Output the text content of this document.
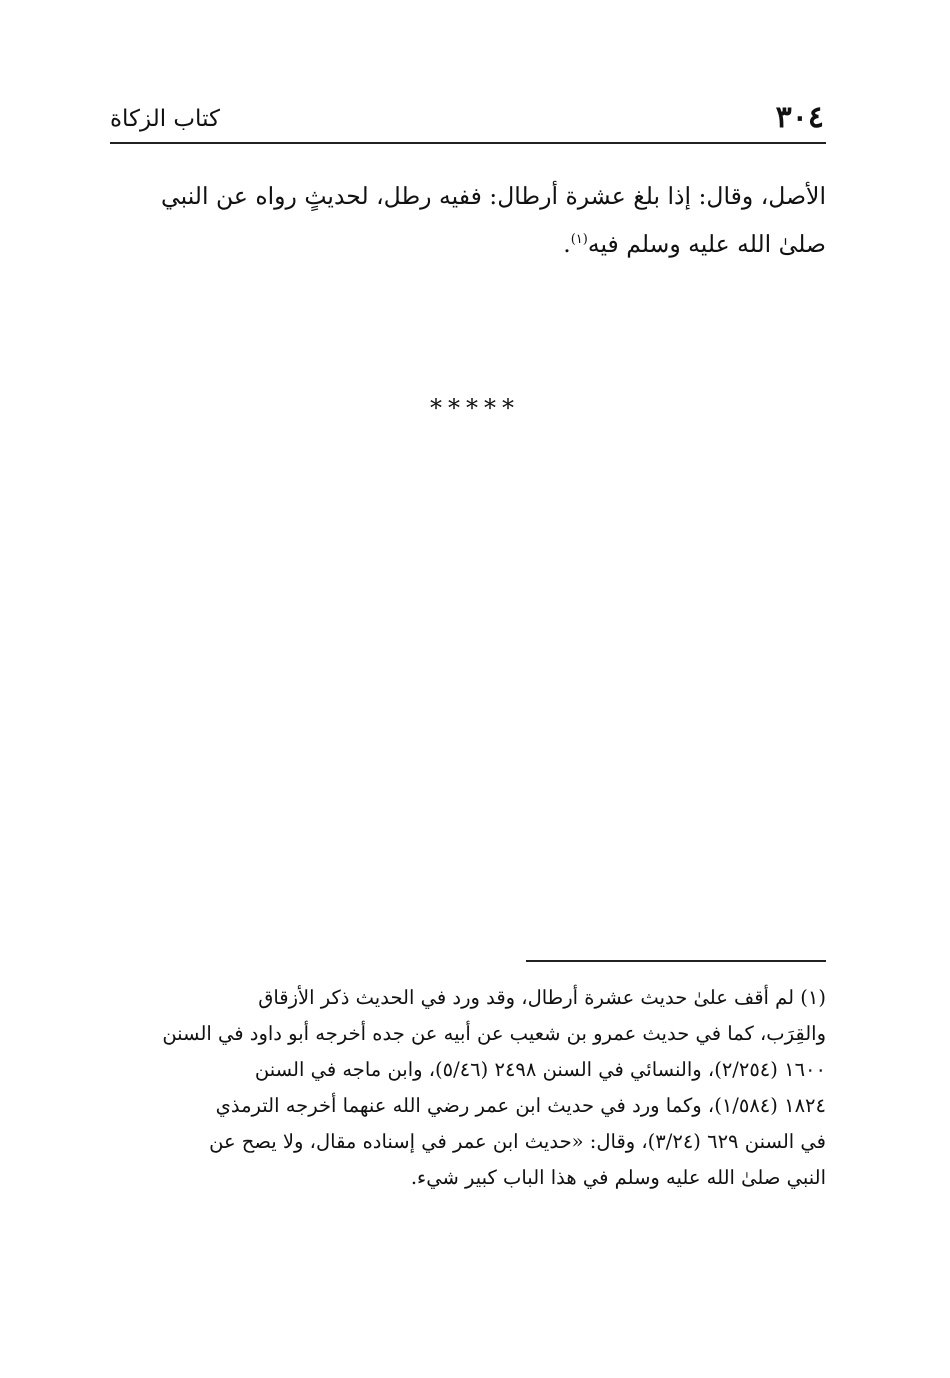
٣٠٤
كتاب الزكاة
الأصل، وقال: إذا بلغ عشرة أرطال: ففيه رطل، لحديثٍ رواه عن النبي
صلىٰ الله عليه وسلم فيه$^{(١)}$.
*****
(١) لم أقف علىٰ حديث عشرة أرطال، وقد ورد في الحديث ذكر الأزقاق
والقِرَب، كما في حديث عمرو بن شعيب عن أبيه عن جده أخرجه أبو داود في السنن
١٦٠٠ (٢/٢٥٤)، والنسائي في السنن ٢٤٩٨ (٥/٤٦)، وابن ماجه في السنن
١٨٢٤ (١/٥٨٤)، وكما ورد في حديث ابن عمر رضي الله عنهما أخرجه الترمذي
في السنن ٦٢٩ (٣/٢٤)، وقال: «حديث ابن عمر في إسناده مقال، ولا يصح عن
النبي صلىٰ الله عليه وسلم في هذا الباب كبير شيء.
